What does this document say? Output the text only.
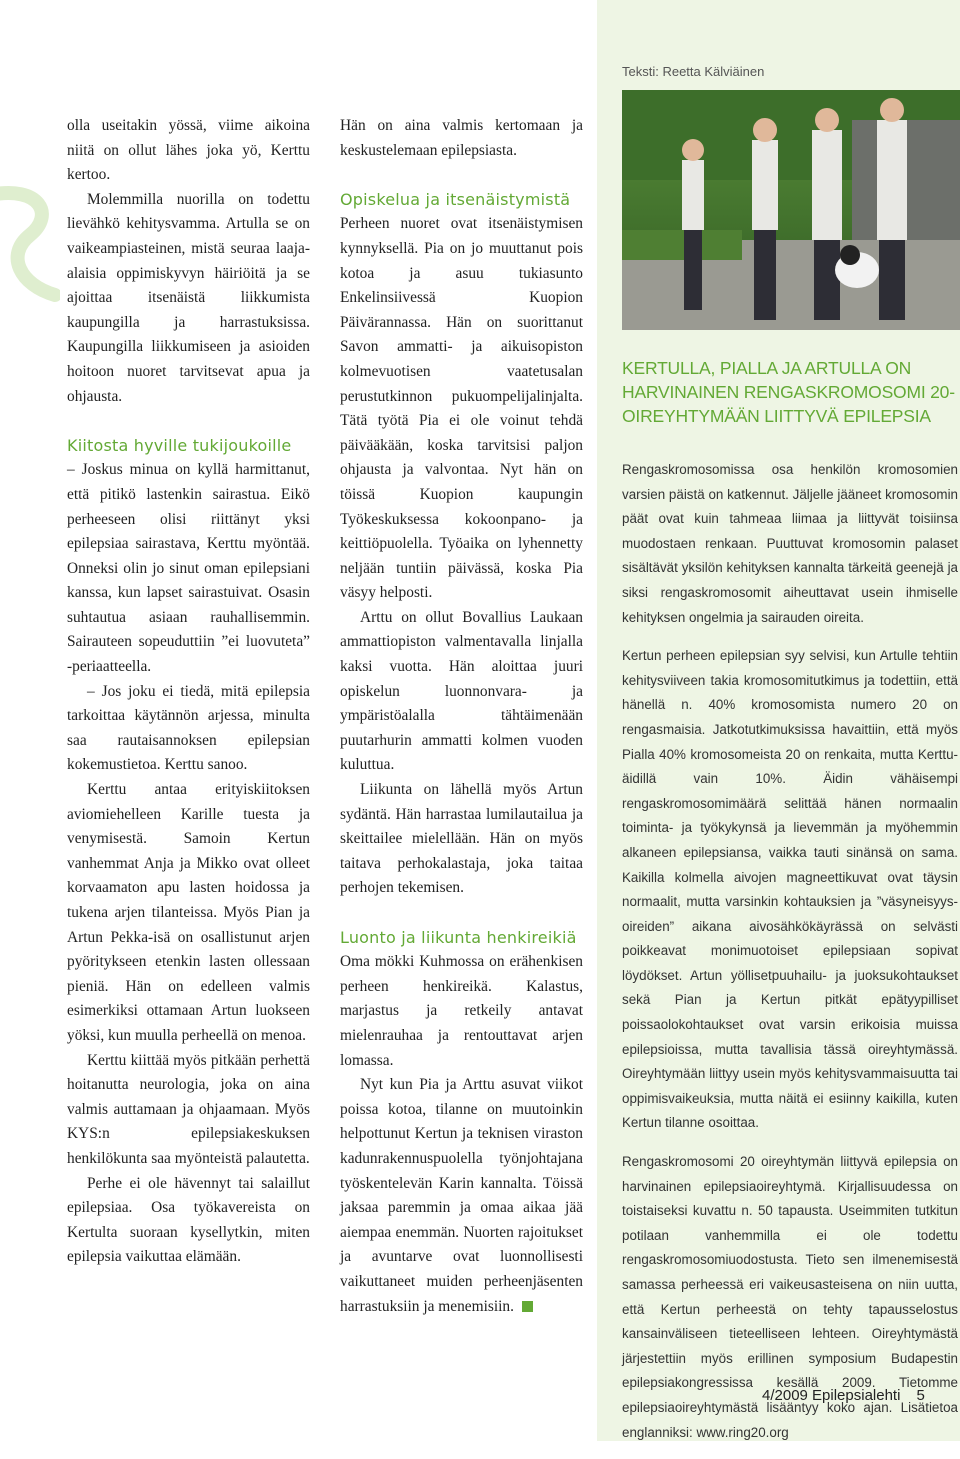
Teksti: Reetta Kälviäinen

olla useitakin yössä, viime aikoina niitä on ollut lähes joka yö, Kerttu kertoo.

Molemmilla nuorilla on todettu lievähkö kehitysvamma. Artulla se on vaikeampiasteinen, mistä seuraa laaja-alaisia oppimiskyvyn häiriöitä ja se ajoittaa itsenäistä liikkumista kaupungilla ja harrastuksissa. Kaupungilla liikkumiseen ja asioiden hoitoon nuoret tarvitsevat apua ja ohjausta.

Kiitosta hyville tukijoukoille

– Joskus minua on kyllä harmittanut, että pitikö lastenkin sairastua. Eikö perheeseen olisi riittänyt yksi epilepsiaa sairastava, Kerttu myöntää. Onneksi olin jo sinut oman epilepsiani kanssa, kun lapset sairastuivat. Osasin suhtautua asiaan rauhallisemmin. Sairauteen sopeuduttiin ”ei luovuteta” -periaatteella.

– Jos joku ei tiedä, mitä epilepsia tarkoittaa käytännön arjessa, minulta saa rautaisannoksen epilepsian kokemustietoa. Kerttu sanoo.

Kerttu antaa erityiskiitoksen aviomiehelleen Karille tuesta ja venymisestä. Samoin Kertun vanhemmat Anja ja Mikko ovat olleet korvaamaton apu lasten hoidossa ja tukena arjen tilanteissa. Myös Pian ja Artun Pekka-isä on osallistunut arjen pyöritykseen etenkin lasten ollessaan pieniä. Hän on edelleen valmis esimerkiksi ottamaan Artun luokseen yöksi, kun muulla perheellä on menoa.

Kerttu kiittää myös pitkään perhettä hoitanutta neurologia, joka on aina valmis auttamaan ja ohjaamaan. Myös KYS:n epilepsiakeskuksen henkilökunta saa myönteistä palautetta.

Perhe ei ole hävennyt tai salaillut epilepsiaa. Osa työkavereista on Kertulta suoraan kysellytkin, miten epilepsia vaikuttaa elämään.

Hän on aina valmis kertomaan ja keskustelemaan epilepsiasta.

Opiskelua ja itsenäistymistä

Perheen nuoret ovat itsenäistymisen kynnyksellä. Pia on jo muuttanut pois kotoa ja asuu tukiasunto Enkelinsiivessä Kuopion Päivärannassa. Hän on suorittanut Savon ammatti- ja aikuisopiston kolmevuotisen vaatetusalan perustutkinnon pukuompelijalinjalta. Tätä työtä Pia ei ole voinut tehdä päivääkään, koska tarvitsisi paljon ohjausta ja valvontaa. Nyt hän on töissä Kuopion kaupungin Työkeskuksessa kokoonpano- ja keittiöpuolella. Työaika on lyhennetty neljään tuntiin päivässä, koska Pia väsyy helposti.

Arttu on ollut Bovallius Laukaan ammattiopiston valmentavalla linjalla kaksi vuotta. Hän aloittaa juuri opiskelun luonnonvara- ja ympäristöalalla tähtäimenään puutarhurin ammatti kolmen vuoden kuluttua.

Liikunta on lähellä myös Artun sydäntä. Hän harrastaa lumilautailua ja skeittailee mielellään. Hän on myös taitava perhokalastaja, joka taitaa perhojen tekemisen.

Luonto ja liikunta henkireikiä

Oma mökki Kuhmossa on erähenkisen perheen henkireikä. Kalastus, marjastus ja retkeily antavat mielenrauhaa ja rentouttavat arjen lomassa.

Nyt kun Pia ja Arttu asuvat viikot poissa kotoa, tilanne on muutoinkin helpottunut Kertun ja teknisen viraston kadunrakennuspuolella työnjohtajana työskentelevän Karin kannalta. Töissä jaksaa paremmin ja omaa aikaa jää aiempaa enemmän. Nuorten rajoitukset ja avuntarve ovat luonnollisesti vaikuttaneet muiden perheenjäsenten harrastuksiin ja menemisiin.

KERTULLA, PIALLA JA ARTULLA ON HARVINAINEN RENGASKROMOSOMI 20-OIREYHTYMÄÄN LIITTYVÄ EPILEPSIA

Rengaskromosomissa osa henkilön kromosomien varsien päistä on katkennut. Jäljelle jääneet kromosomin päät ovat kuin tahmeaa liimaa ja liittyvät toisiinsa muodostaen renkaan. Puuttuvat kromosomin palaset sisältävät yksilön kehityksen kannalta tärkeitä geenejä ja siksi rengaskromosomit aiheuttavat usein ihmiselle kehityksen ongelmia ja sairauden oireita.

Kertun perheen epilepsian syy selvisi, kun Artulle tehtiin kehitysviiveen takia kromosomitutkimus ja todettiin, että hänellä n. 40% kromosomista numero 20 on rengasmaisia. Jatkotutkimuksissa havaittiin, että myös Pialla 40% kromosomeista 20 on renkaita, mutta Kerttu-äidillä vain 10%. Äidin vähäisempi rengaskromosomimäärä selittää hänen normaalin toiminta- ja työkykynsä ja lievemmän ja myöhemmin alkaneen epilepsiansa, vaikka tauti sinänsä on sama. Kaikilla kolmella aivojen magneettikuvat ovat täysin normaalit, mutta varsinkin kohtauksien ja ”väsyneisyys-oireiden” aikana aivosähkökäyrässä on selvästi poikkeavat monimuotoiset epilepsiaan sopivat löydökset. Artun yöllisetpuuhailu- ja juoksukohtaukset sekä Pian ja Kertun pitkät epätyypilliset poissaolokohtaukset ovat varsin erikoisia muissa epilepsioissa, mutta tavallisia tässä oireyhtymässä. Oireyhtymään liittyy usein myös kehitysvammaisuutta tai oppimisvaikeuksia, mutta näitä ei esiinny kaikilla, kuten Kertun tilanne osoittaa.

Rengaskromosomi 20 oireyhtymän liittyvä epilepsia on harvinainen epilepsiaoireyhtymä. Kirjallisuudessa on toistaiseksi kuvattu n. 50 tapausta. Useimmiten tutkitun potilaan vanhemmilla ei ole todettu rengaskromosomiuodostusta. Tieto sen ilmenemisestä samassa perheessä eri vaikeusasteisena on niin uutta, että Kertun perheestä on tehty tapausselostus kansainväliseen tieteelliseen lehteen. Oireyhtymästä järjestettiin myös erillinen symposium Budapestin epilepsiakongressissa kesällä 2009. Tietomme epilepsiaoireyhtymästä lisääntyy koko ajan. Lisätietoa englanniksi: www.ring20.org

4/2009 Epilepsialehti 5
